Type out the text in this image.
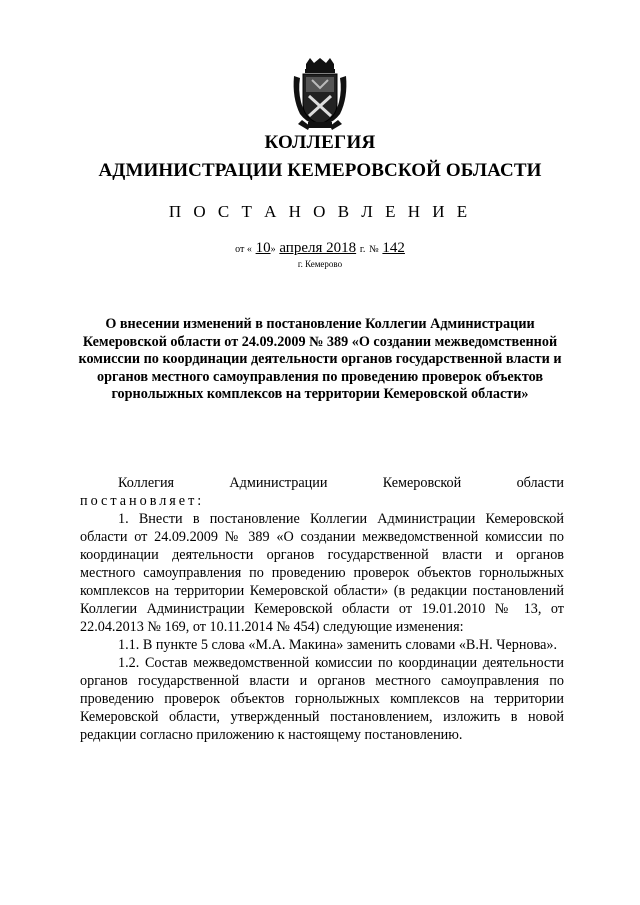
КОЛЛЕГИЯ
АДМИНИСТРАЦИИ КЕМЕРОВСКОЙ ОБЛАСТИ
П О С Т А Н О В Л Е Н И Е
от « 10» апреля 2018 г. № 142
г. Кемерово
О внесении изменений в постановление Коллегии Администрации Кемеровской области от 24.09.2009 № 389 «О создании межведомственной комиссии по координации деятельности органов государственной власти и органов местного самоуправления по проведению проверок объектов горнолыжных комплексов на территории Кемеровской области»

Коллегия Администрации Кемеровской области

постановляет:

1. Внести в постановление Коллегии Администрации Кемеровской области от 24.09.2009 № 389 «О создании межведомственной комиссии по координации деятельности органов государственной власти и органов местного самоуправления по проведению проверок объектов горнолыжных комплексов на территории Кемеровской области» (в редакции постановлений Коллегии Администрации Кемеровской области от 19.01.2010 № 13, от 22.04.2013 № 169, от 10.11.2014 № 454) следующие изменения:

1.1. В пункте 5 слова «М.А. Макина» заменить словами «В.Н. Чернова».

1.2. Состав межведомственной комиссии по координации деятельности органов государственной власти и органов местного самоуправления по проведению проверок объектов горнолыжных комплексов на территории Кемеровской области, утвержденный постановлением, изложить в новой редакции согласно приложению к настоящему постановлению.
